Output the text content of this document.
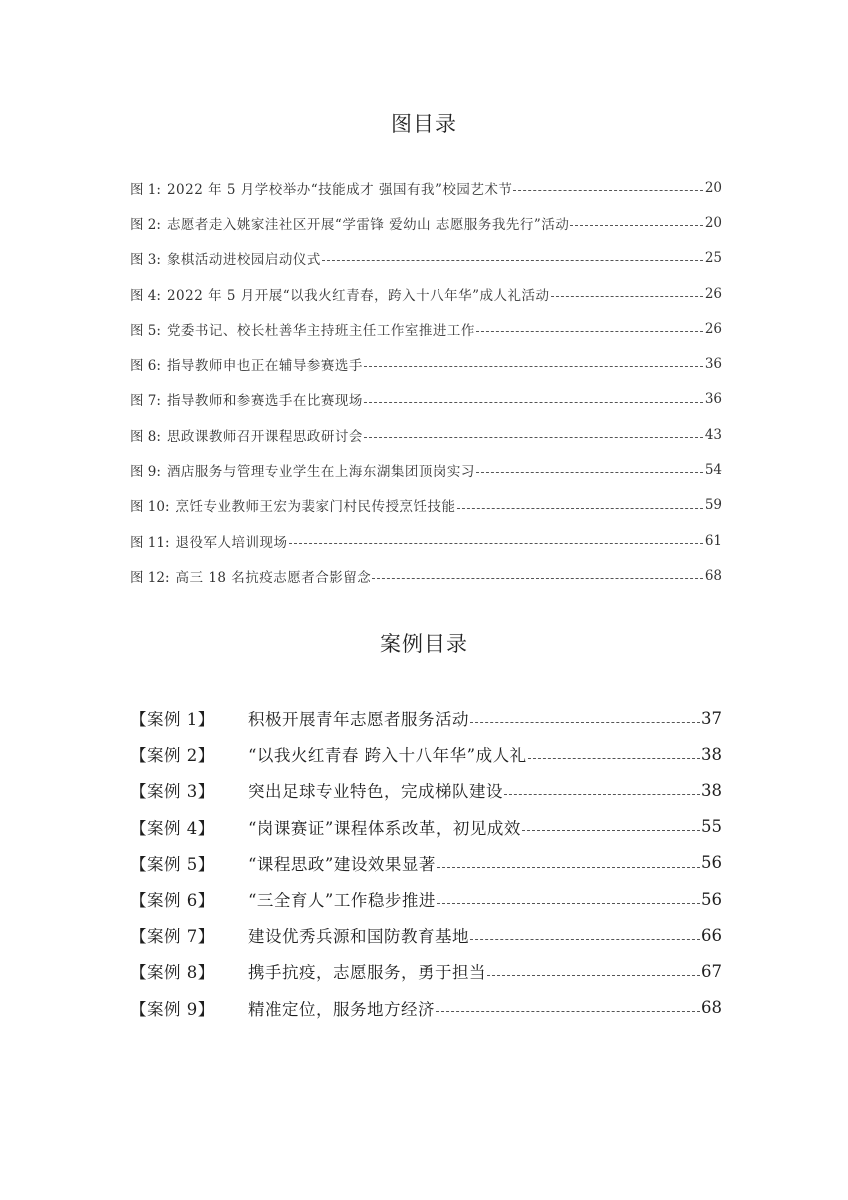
图目录
图 1: 2022 年 5 月学校举办“技能成才 强国有我”校园艺术节	20
图 2: 志愿者走入姚家洼社区开展“学雷锋 爱幼山 志愿服务我先行”活动	20
图 3: 象棋活动进校园启动仪式	25
图 4: 2022 年 5 月开展“以我火红青春，跨入十八年华”成人礼活动	26
图 5: 党委书记、校长杜善华主持班主任工作室推进工作	26
图 6: 指导教师申也正在辅导参赛选手	36
图 7: 指导教师和参赛选手在比赛现场	36
图 8: 思政课教师召开课程思政研讨会	43
图 9: 酒店服务与管理专业学生在上海东湖集团顶岗实习	54
图 10: 烹饪专业教师王宏为裴家门村民传授烹饪技能	59
图 11: 退役军人培训现场	61
图 12: 高三 18 名抗疫志愿者合影留念	68
案例目录
【案例 1】	积极开展青年志愿者服务活动	37
【案例 2】	“以我火红青春 跨入十八年华”成人礼	38
【案例 3】	突出足球专业特色，完成梯队建设	38
【案例 4】	“岗课赛证”课程体系改革，初见成效	55
【案例 5】	“课程思政”建设效果显著	56
【案例 6】	“三全育人”工作稳步推进	56
【案例 7】	建设优秀兵源和国防教育基地	66
【案例 8】	携手抗疫，志愿服务，勇于担当	67
【案例 9】	精准定位，服务地方经济	68
